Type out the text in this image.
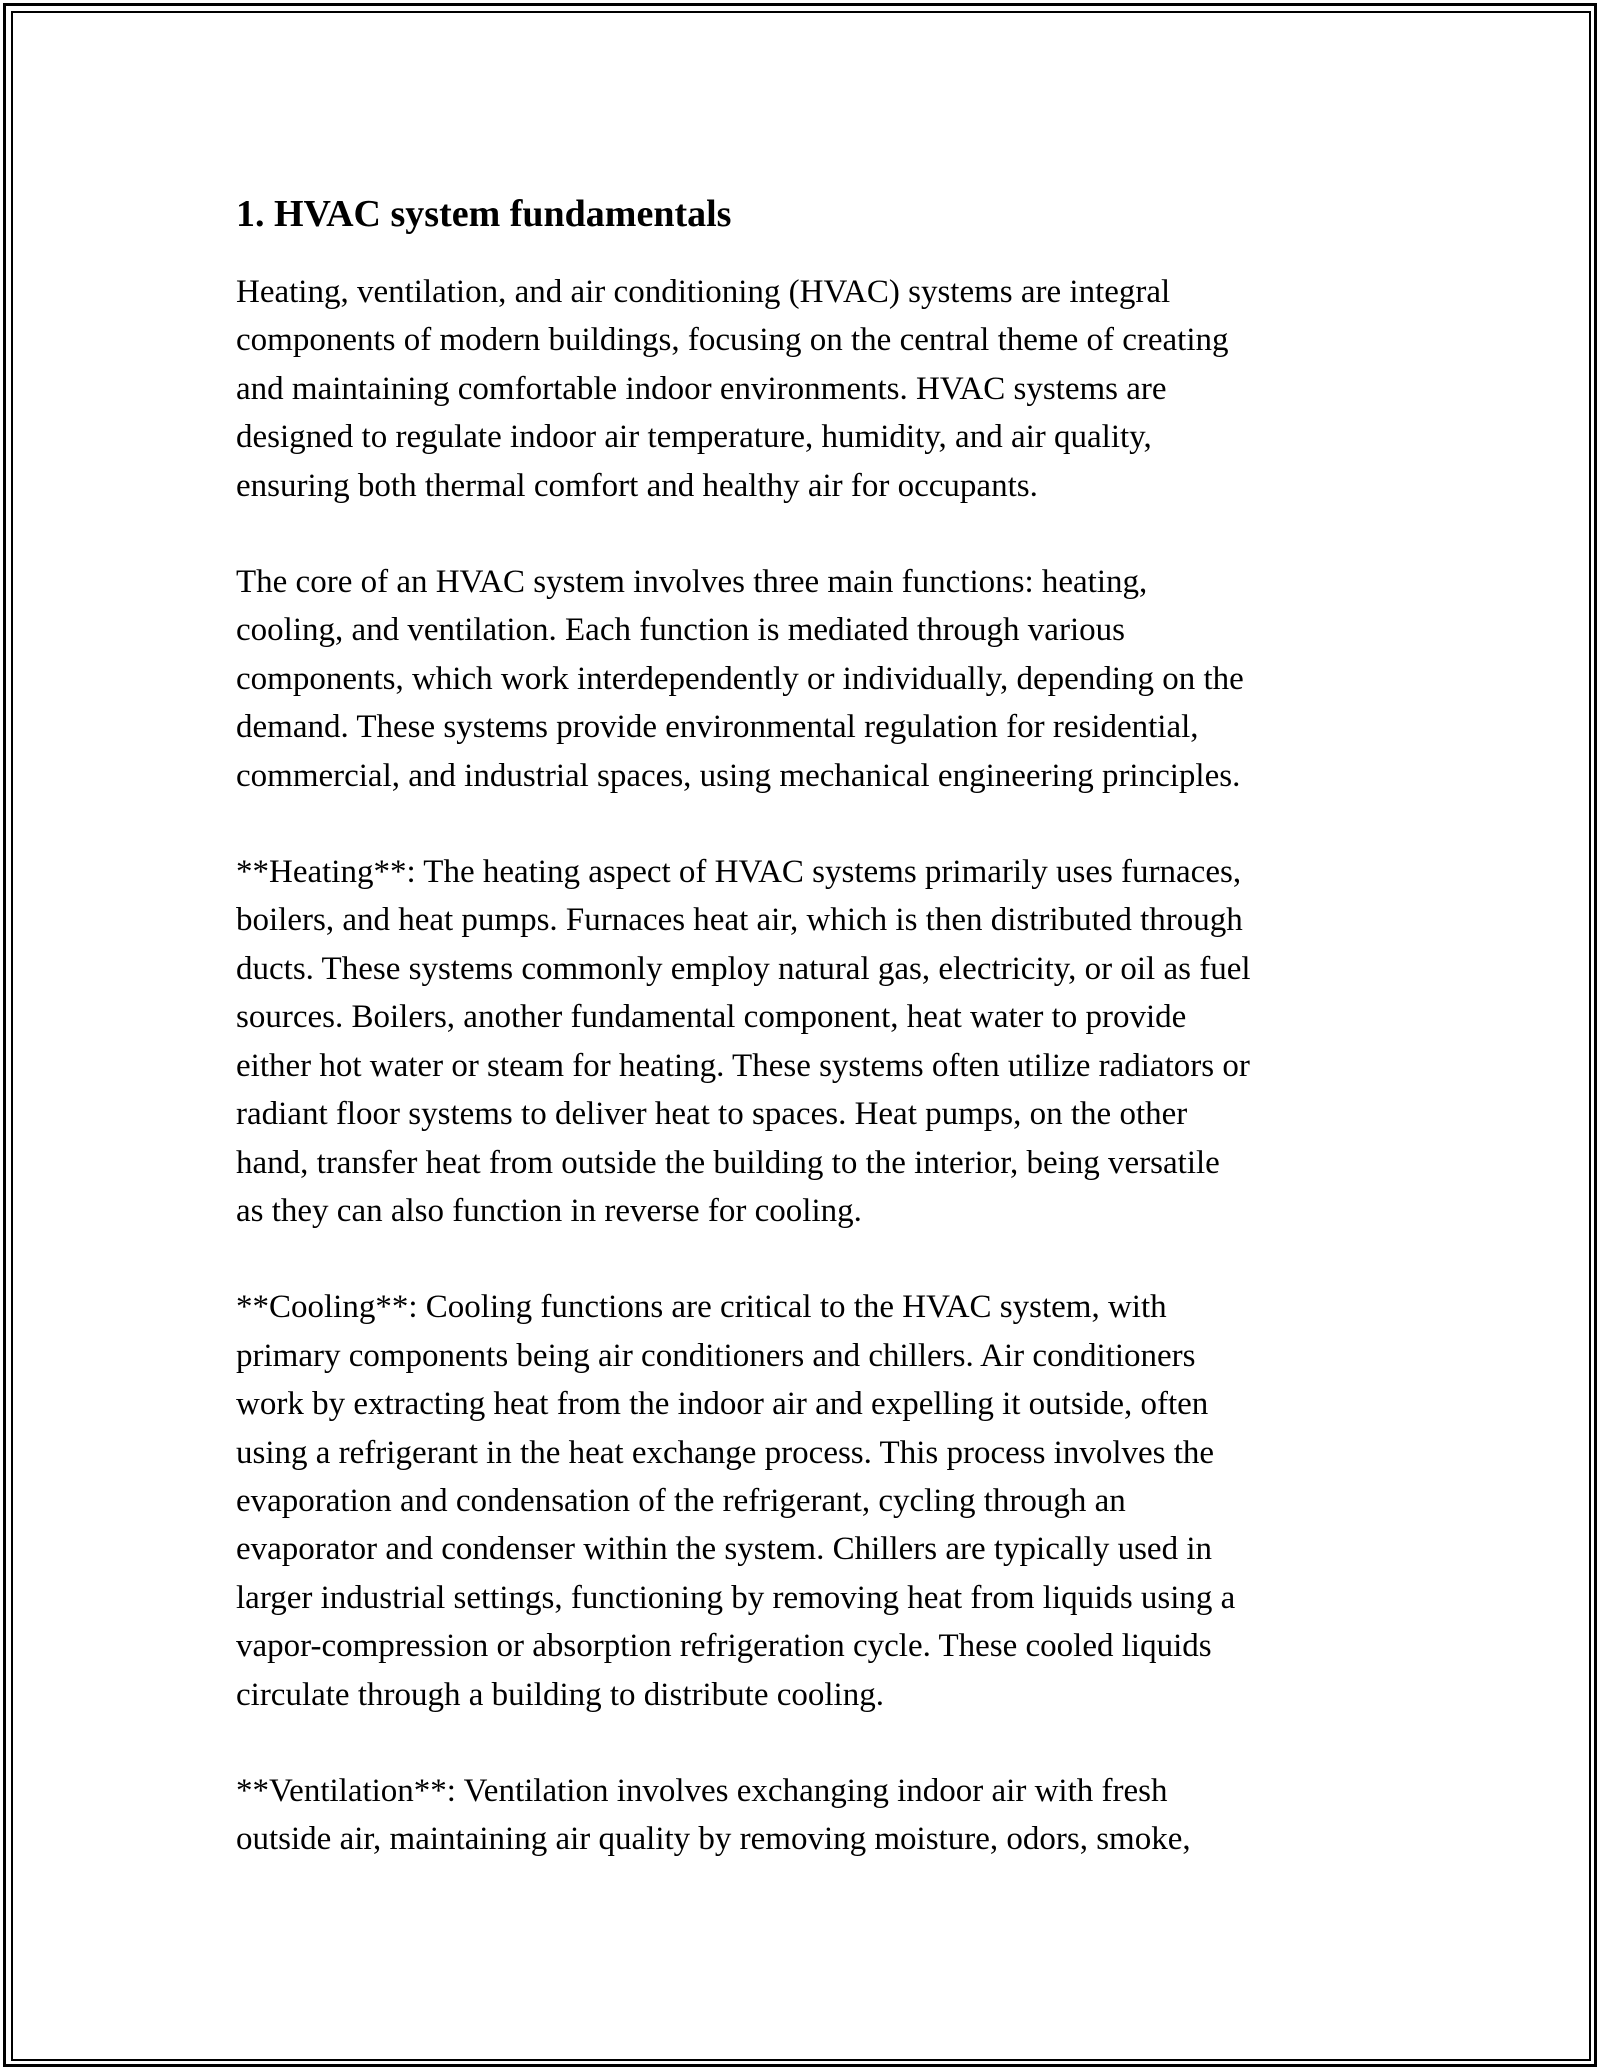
1. HVAC system fundamentals

Heating, ventilation, and air conditioning (HVAC) systems are integral
components of modern buildings, focusing on the central theme of creating
and maintaining comfortable indoor environments. HVAC systems are
designed to regulate indoor air temperature, humidity, and air quality,
ensuring both thermal comfort and healthy air for occupants.

The core of an HVAC system involves three main functions: heating,
cooling, and ventilation. Each function is mediated through various
components, which work interdependently or individually, depending on the
demand. These systems provide environmental regulation for residential,
commercial, and industrial spaces, using mechanical engineering principles.

**Heating**: The heating aspect of HVAC systems primarily uses furnaces,
boilers, and heat pumps. Furnaces heat air, which is then distributed through
ducts. These systems commonly employ natural gas, electricity, or oil as fuel
sources. Boilers, another fundamental component, heat water to provide
either hot water or steam for heating. These systems often utilize radiators or
radiant floor systems to deliver heat to spaces. Heat pumps, on the other
hand, transfer heat from outside the building to the interior, being versatile
as they can also function in reverse for cooling.

**Cooling**: Cooling functions are critical to the HVAC system, with
primary components being air conditioners and chillers. Air conditioners
work by extracting heat from the indoor air and expelling it outside, often
using a refrigerant in the heat exchange process. This process involves the
evaporation and condensation of the refrigerant, cycling through an
evaporator and condenser within the system. Chillers are typically used in
larger industrial settings, functioning by removing heat from liquids using a
vapor-compression or absorption refrigeration cycle. These cooled liquids
circulate through a building to distribute cooling.

**Ventilation**: Ventilation involves exchanging indoor air with fresh
outside air, maintaining air quality by removing moisture, odors, smoke,
